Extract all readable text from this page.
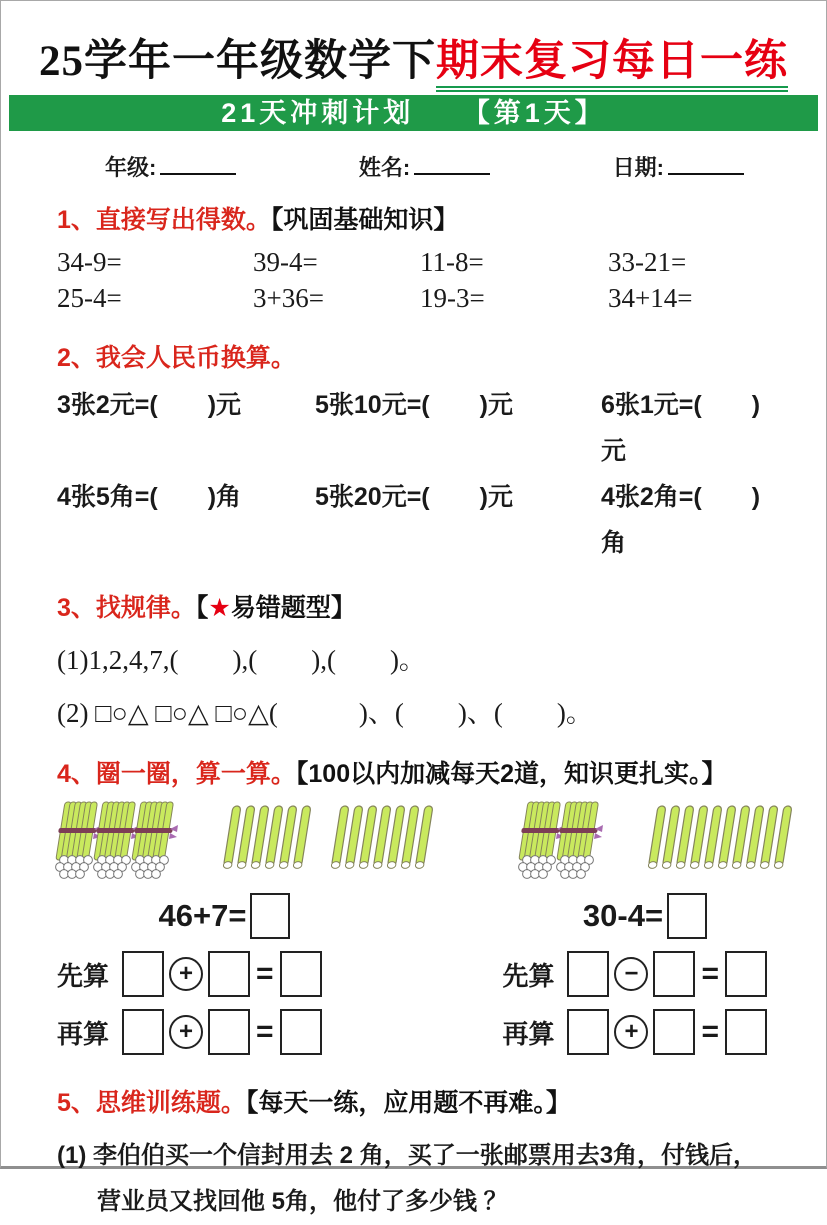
25学年一年级数学下期末复习每日一练
21天冲刺计划　　【第1天】
年级:	姓名:	日期:
1、直接写出得数。【巩固基础知识】
34-9=	39-4=	11-8=	33-21=
25-4=	3+36=	19-3=	34+14=
2、我会人民币换算。
3张2元=(　　)元	5张10元=(　　)元	6张1元=(　　)元
4张5角=(　　)角	5张20元=(　　)元	4张2角=(　　)角
3、找规律。【★易错题型】
(1)1,2,4,7,(　　),(　　),(　　)。
(2) □○△ □○△ □○△(　　　)、(　　)、(　　)。
4、圈一圈，算一算。【100以内加减每天2道，知识更扎实。】
46+7=	30-4=
先算	+	=	先算	−	=
再算	+	=	再算	+	=
5、思维训练题。【每天一练，应用题不再难。】

(1) 李伯伯买一个信封用去 2 角，买了一张邮票用去3角，付钱后，
营业员又找回他 5角，他付了多少钱 ？
